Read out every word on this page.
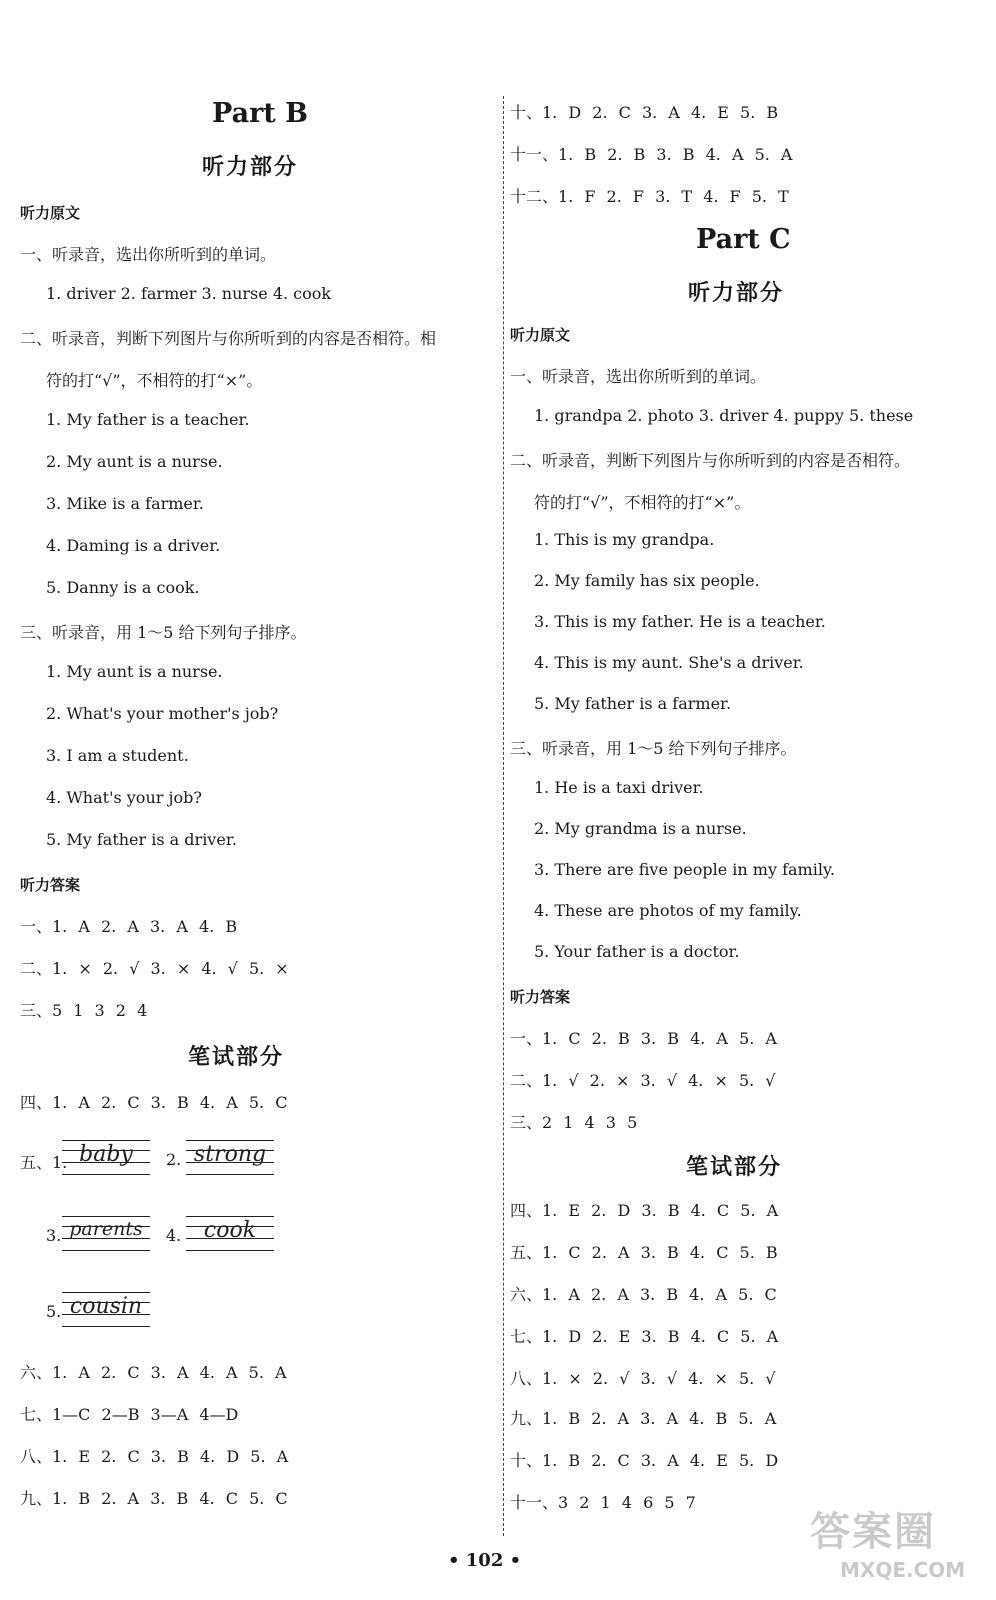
Part B
听力部分
听力原文
一、听录音，选出你所听到的单词。
1. driver 2. farmer 3. nurse 4. cook
二、听录音，判断下列图片与你所听到的内容是否相符。相
符的打“√”，不相符的打“×”。
1. My father is a teacher.
2. My aunt is a nurse.
3. Mike is a farmer.
4. Daming is a driver.
5. Danny is a cook.
三、听录音，用 1～5 给下列句子排序。
1. My aunt is a nurse.
2. What's your mother's job?
3. I am a student.
4. What's your job?
5. My father is a driver.
听力答案
一、1. A 2. A 3. A 4. B
二、1. × 2. √ 3. × 4. √ 5. ×
三、5 1 3 2 4
笔试部分
四、1. A 2. C 3. B 4. A 5. C
五、1. baby	2. strong
3. parents	4.	cook
5. cousin
六、1. A 2. C 3. A 4. A 5. A
七、1—C 2—B 3—A 4—D
八、1. E 2. C 3. B 4. D 5. A
九、1. B 2. A 3. B 4. C 5. C
十、1. D 2. C 3. A 4. E 5. B
十一、1. B 2. B 3. B 4. A 5. A
十二、1. F 2. F 3. T 4. F 5. T
Part C
听力部分
听力原文
一、听录音，选出你所听到的单词。
1. grandpa 2. photo 3. driver 4. puppy 5. these
二、听录音，判断下列图片与你所听到的内容是否相符。
符的打“√”，不相符的打“×”。
1. This is my grandpa.
2. My family has six people.
3. This is my father. He is a teacher.
4. This is my aunt. She's a driver.
5. My father is a farmer.
三、听录音，用 1～5 给下列句子排序。
1. He is a taxi driver.
2. My grandma is a nurse.
3. There are five people in my family.
4. These are photos of my family.
5. Your father is a doctor.
听力答案
一、1. C 2. B 3. B 4. A 5. A
二、1. √ 2. × 3. √ 4. × 5. √
三、2 1 4 3 5
笔试部分
四、1. E 2. D 3. B 4. C 5. A
五、1. C 2. A 3. B 4. C 5. B
六、1. A 2. A 3. B 4. A 5. C
七、1. D 2. E 3. B 4. C 5. A
八、1. × 2. √ 3. √ 4. × 5. √
九、1. B 2. A 3. A 4. B 5. A
十、1. B 2. C 3. A 4. E 5. D
十一、3 2 1 4 6 5 7
• 102 •
答案圈
MXQE.COM
